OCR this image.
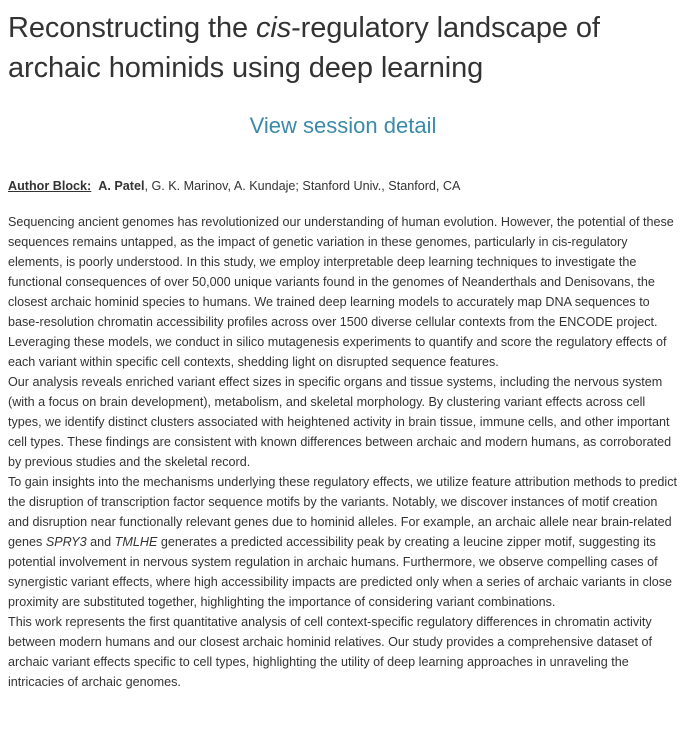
Reconstructing the cis-regulatory landscape of archaic hominids using deep learning
View session detail
Author Block: A. Patel, G. K. Marinov, A. Kundaje; Stanford Univ., Stanford, CA

Sequencing ancient genomes has revolutionized our understanding of human evolution. However, the potential of these sequences remains untapped, as the impact of genetic variation in these genomes, particularly in cis-regulatory elements, is poorly understood. In this study, we employ interpretable deep learning techniques to investigate the functional consequences of over 50,000 unique variants found in the genomes of Neanderthals and Denisovans, the closest archaic hominid species to humans. We trained deep learning models to accurately map DNA sequences to base-resolution chromatin accessibility profiles across over 1500 diverse cellular contexts from the ENCODE project. Leveraging these models, we conduct in silico mutagenesis experiments to quantify and score the regulatory effects of each variant within specific cell contexts, shedding light on disrupted sequence features.

Our analysis reveals enriched variant effect sizes in specific organs and tissue systems, including the nervous system (with a focus on brain development), metabolism, and skeletal morphology. By clustering variant effects across cell types, we identify distinct clusters associated with heightened activity in brain tissue, immune cells, and other important cell types. These findings are consistent with known differences between archaic and modern humans, as corroborated by previous studies and the skeletal record.

To gain insights into the mechanisms underlying these regulatory effects, we utilize feature attribution methods to predict the disruption of transcription factor sequence motifs by the variants. Notably, we discover instances of motif creation and disruption near functionally relevant genes due to hominid alleles. For example, an archaic allele near brain-related genes SPRY3 and TMLHE generates a predicted accessibility peak by creating a leucine zipper motif, suggesting its potential involvement in nervous system regulation in archaic humans. Furthermore, we observe compelling cases of synergistic variant effects, where high accessibility impacts are predicted only when a series of archaic variants in close proximity are substituted together, highlighting the importance of considering variant combinations.

This work represents the first quantitative analysis of cell context-specific regulatory differences in chromatin activity between modern humans and our closest archaic hominid relatives. Our study provides a comprehensive dataset of archaic variant effects specific to cell types, highlighting the utility of deep learning approaches in unraveling the intricacies of archaic genomes.
